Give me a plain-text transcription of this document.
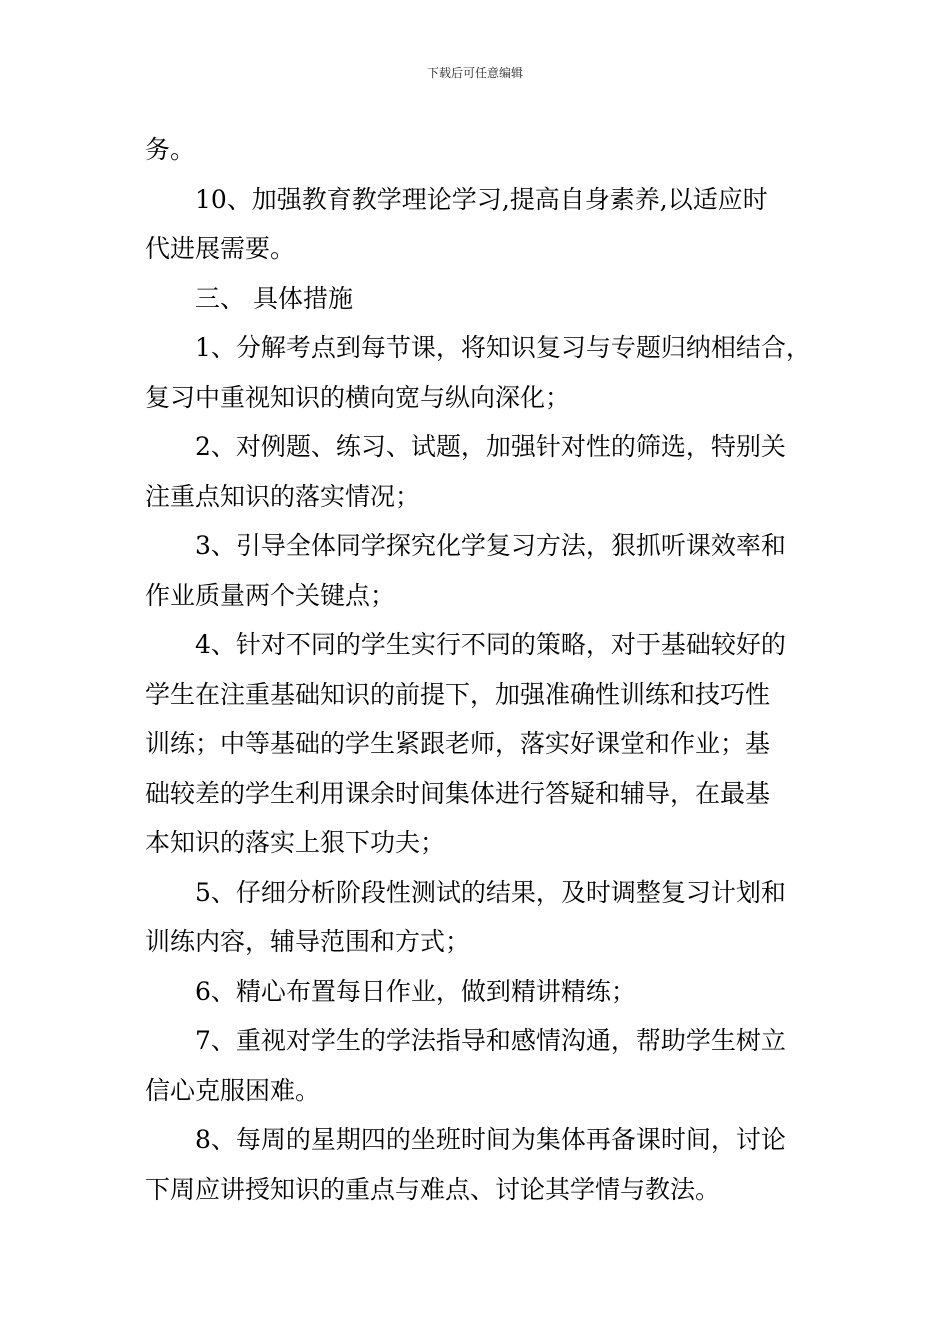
下载后可任意编辑
务。
10、加强教育教学理论学习,提高自身素养,以适应时
代进展需要。
三、 具体措施
1、分解考点到每节课，将知识复习与专题归纳相结合，
复习中重视知识的横向宽与纵向深化；
2、对例题、练习、试题，加强针对性的筛选，特别关
注重点知识的落实情况；
3、引导全体同学探究化学复习方法，狠抓听课效率和
作业质量两个关键点；
4、针对不同的学生实行不同的策略，对于基础较好的
学生在注重基础知识的前提下，加强准确性训练和技巧性
训练；中等基础的学生紧跟老师，落实好课堂和作业；基
础较差的学生利用课余时间集体进行答疑和辅导，在最基
本知识的落实上狠下功夫；
5、仔细分析阶段性测试的结果，及时调整复习计划和
训练内容，辅导范围和方式；
6、精心布置每日作业，做到精讲精练；
7、重视对学生的学法指导和感情沟通，帮助学生树立
信心克服困难。
8、每周的星期四的坐班时间为集体再备课时间，讨论
下周应讲授知识的重点与难点、讨论其学情与教法。
